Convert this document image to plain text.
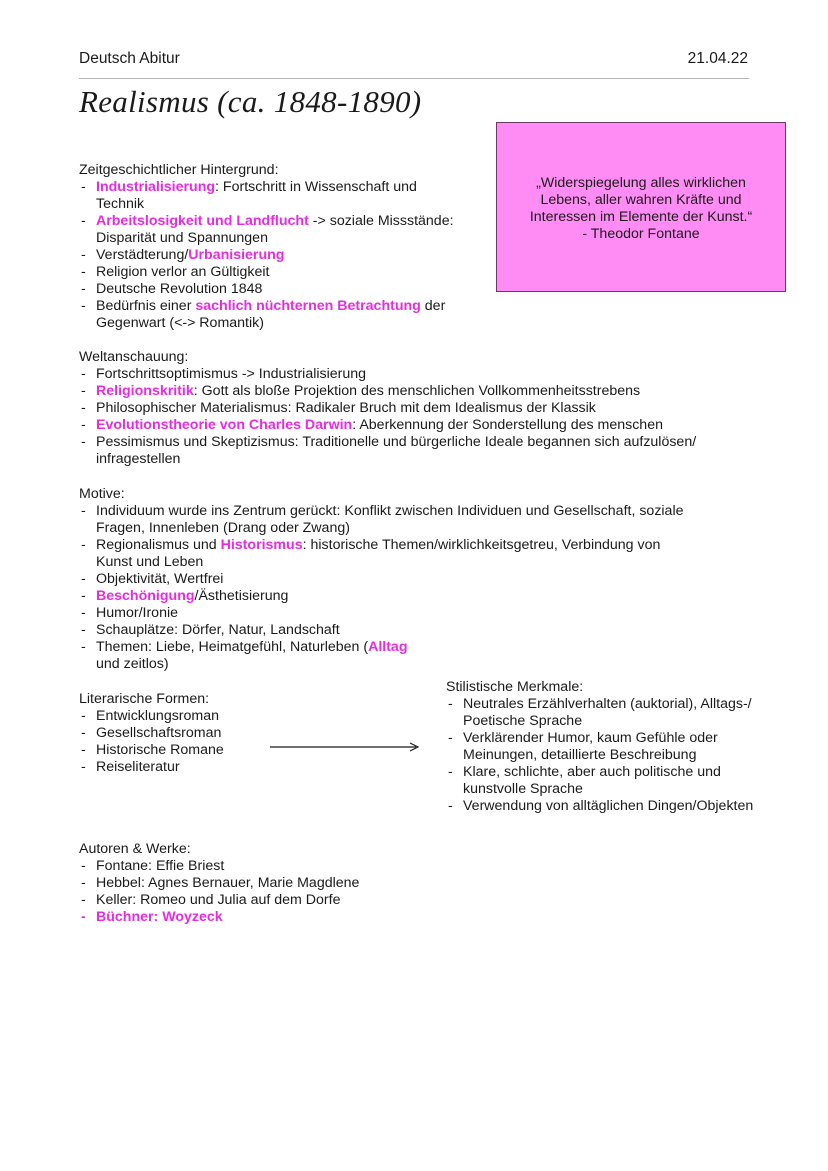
Deutsch Abitur	21.04.22
Realismus (ca. 1848-1890)
„Widerspiegelung alles wirklichen
Lebens, aller wahren Kräfte und
Interessen im Elemente der Kunst.“
- Theodor Fontane
Zeitgeschichtlicher Hintergrund:
- Industrialisierung: Fortschritt in Wissenschaft und
Technik
- Arbeitslosigkeit und Landflucht -> soziale Missstände:
Disparität und Spannungen
- Verstädterung/Urbanisierung
- Religion verlor an Gültigkeit
- Deutsche Revolution 1848
- Bedürfnis einer sachlich nüchternen Betrachtung der
Gegenwart (<-> Romantik)
Weltanschauung:
- Fortschrittsoptimismus -> Industrialisierung
- Religionskritik: Gott als bloße Projektion des menschlichen Vollkommenheitsstrebens
- Philosophischer Materialismus: Radikaler Bruch mit dem Idealismus der Klassik
- Evolutionstheorie von Charles Darwin: Aberkennung der Sonderstellung des menschen
- Pessimismus und Skeptizismus: Traditionelle und bürgerliche Ideale begannen sich aufzulösen/
infragestellen
Motive:
- Individuum wurde ins Zentrum gerückt: Konflikt zwischen Individuen und Gesellschaft, soziale
Fragen, Innenleben (Drang oder Zwang)
- Regionalismus und Historismus: historische Themen/wirklichkeitsgetreu, Verbindung von
Kunst und Leben
- Objektivität, Wertfrei
- Beschönigung/Ästhetisierung
- Humor/Ironie
- Schauplätze: Dörfer, Natur, Landschaft
- Themen: Liebe, Heimatgefühl, Naturleben (Alltag
und zeitlos)
Literarische Formen:
- Entwicklungsroman
- Gesellschaftsroman
- Historische Romane
- Reiseliteratur
Stilistische Merkmale:
- Neutrales Erzählverhalten (auktorial), Alltags-/
Poetische Sprache
- Verklärender Humor, kaum Gefühle oder
Meinungen, detaillierte Beschreibung
- Klare, schlichte, aber auch politische und
kunstvolle Sprache
- Verwendung von alltäglichen Dingen/Objekten
Autoren & Werke:
- Fontane: Effie Briest
- Hebbel: Agnes Bernauer, Marie Magdlene
- Keller: Romeo und Julia auf dem Dorfe
- Büchner: Woyzeck
